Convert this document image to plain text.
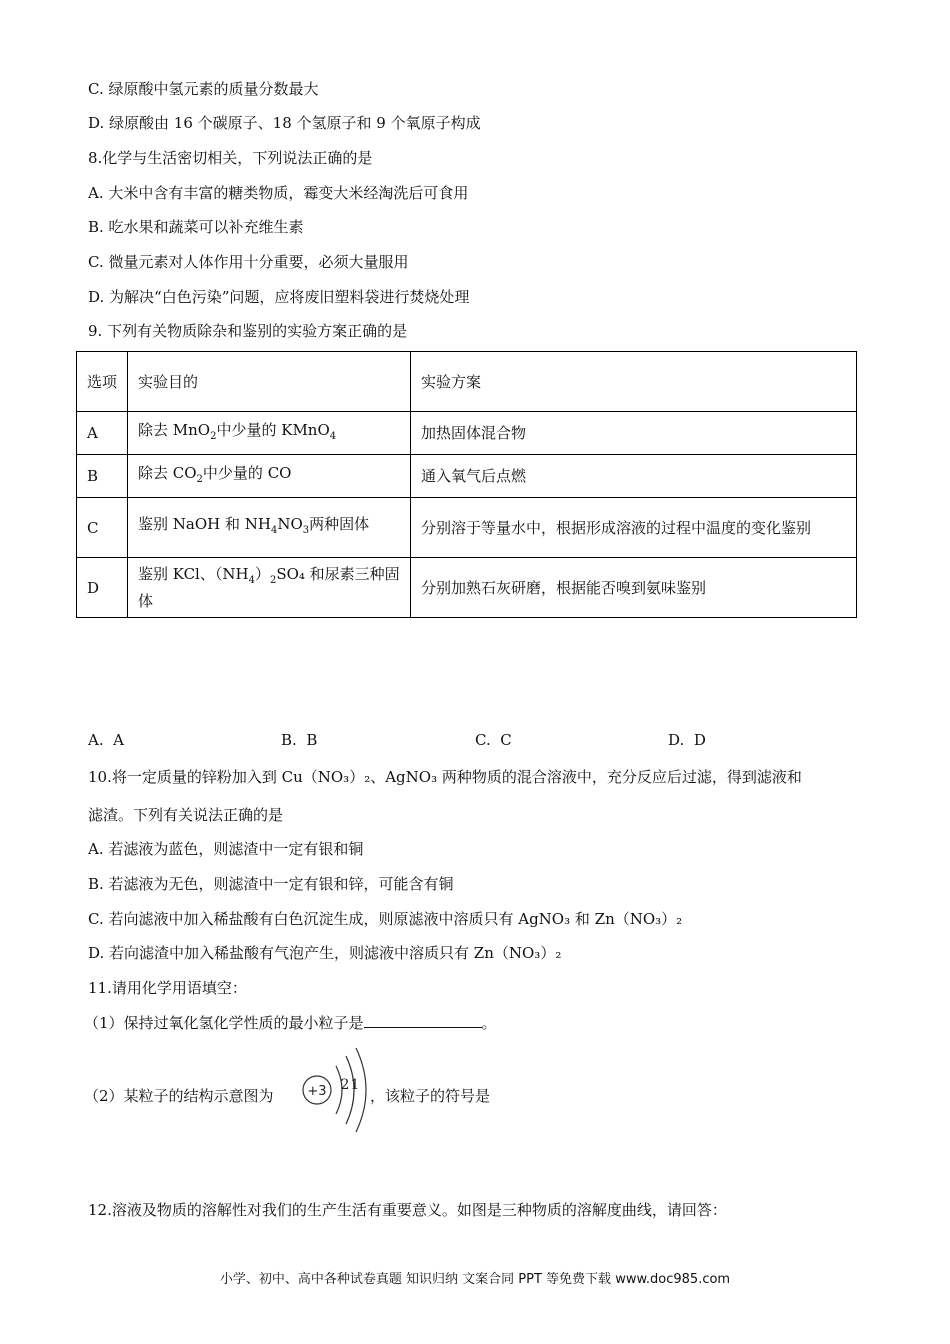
C. 绿原酸中氢元素的质量分数最大
D. 绿原酸由 16 个碳原子、18 个氢原子和 9 个氧原子构成
8.化学与生活密切相关，下列说法正确的是
A. 大米中含有丰富的糖类物质，霉变大米经淘洗后可食用
B. 吃水果和蔬菜可以补充维生素
C. 微量元素对人体作用十分重要，必须大量服用
D. 为解决“白色污染”问题，应将废旧塑料袋进行焚烧处理
9. 下列有关物质除杂和鉴别的实验方案正确的是
选项	实验目的	实验方案
A	除去 MnO$_2$中少量的 KMnO$_4$	加热固体混合物
B	除去 $CO_2$中少量的 CO	通入氧气后点燃
C	鉴别 NaOH 和 $NH_4NO_3$两种固体	分别溶于等量水中，根据形成溶液的过程中温度的变化鉴别
D	鉴别 KCl、$(NH_4)_2SO_4$ 和尿素三种固体	分别加熟石灰研磨，根据能否嗅到氨味鉴别
A. A	B. B	C. C	D. D
10.将一定质量的锌粉加入到 Cu（NO₃）₂、AgNO₃ 两种物质的混合溶液中，充分反应后过滤，得到滤液和
滤渣。下列有关说法正确的是
A. 若滤液为蓝色，则滤渣中一定有银和铜
B. 若滤液为无色，则滤渣中一定有银和锌，可能含有铜
C. 若向滤液中加入稀盐酸有白色沉淀生成，则原滤液中溶质只有 AgNO₃ 和 Zn（NO₃）₂
D. 若向滤渣中加入稀盐酸有气泡产生，则滤液中溶质只有 Zn（NO₃）₂
11.请用化学用语填空：
（1）保持过氧化氢化学性质的最小粒子是	。
（2）某粒子的结构示意图为	+3 2 1
，该粒子的符号是
12.溶液及物质的溶解性对我们的生产生活有重要意义。如图是三种物质的溶解度曲线，请回答：
小学、初中、高中各种试卷真题 知识归纳 文案合同 PPT 等免费下载 www.doc985.com
